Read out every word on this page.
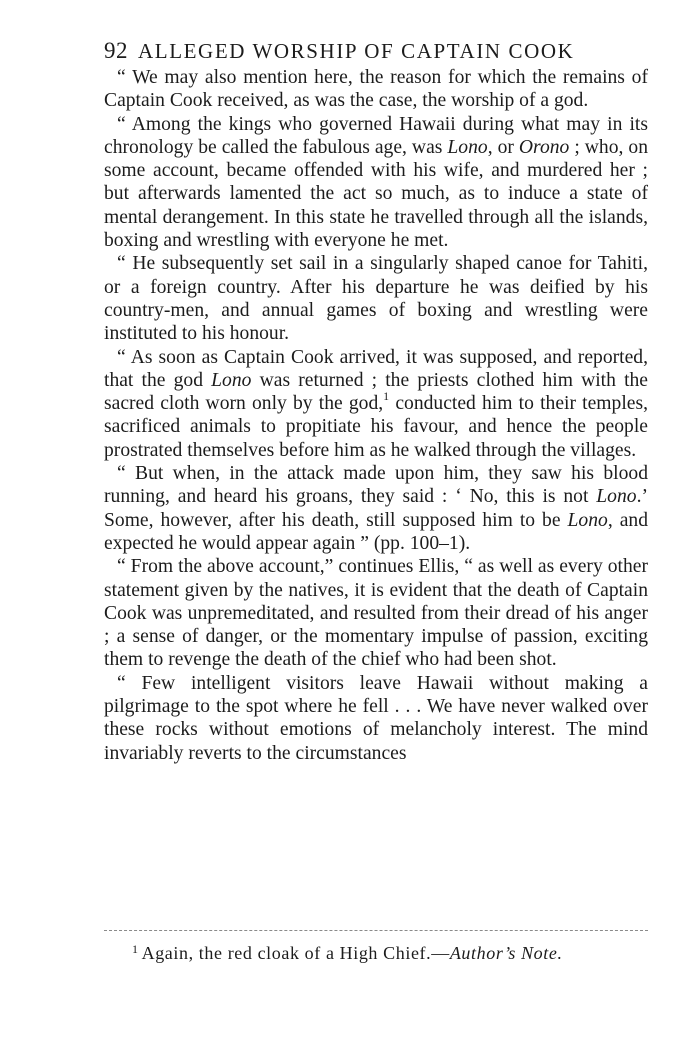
92 ALLEGED WORSHIP OF CAPTAIN COOK

“ We may also mention here, the reason for which the remains of Captain Cook received, as was the case, the worship of a god.

“ Among the kings who governed Hawaii during what may in its chronology be called the fabulous age, was Lono, or Orono ; who, on some account, became offended with his wife, and murdered her ; but afterwards lamented the act so much, as to induce a state of mental derangement. In this state he travelled through all the islands, boxing and wrestling with everyone he met.

“ He subsequently set sail in a singularly shaped canoe for Tahiti, or a foreign country. After his departure he was deified by his country-men, and annual games of boxing and wrestling were instituted to his honour.

“ As soon as Captain Cook arrived, it was supposed, and reported, that the god Lono was returned ; the priests clothed him with the sacred cloth worn only by the god,$^1$ conducted him to their temples, sacrificed animals to propitiate his favour, and hence the people prostrated themselves before him as he walked through the villages.

“ But when, in the attack made upon him, they saw his blood running, and heard his groans, they said : ‘ No, this is not Lono.’ Some, however, after his death, still supposed him to be Lono, and expected he would appear again ” (pp. 100–1).

“ From the above account,” continues Ellis, “ as well as every other statement given by the natives, it is evident that the death of Captain Cook was unpremeditated, and resulted from their dread of his anger ; a sense of danger, or the momentary impulse of passion, exciting them to revenge the death of the chief who had been shot.

“ Few intelligent visitors leave Hawaii without making a pilgrimage to the spot where he fell . . . We have never walked over these rocks without emotions of melancholy interest. The mind invariably reverts to the circumstances

$^1$ Again, the red cloak of a High Chief.—Author’s Note.
